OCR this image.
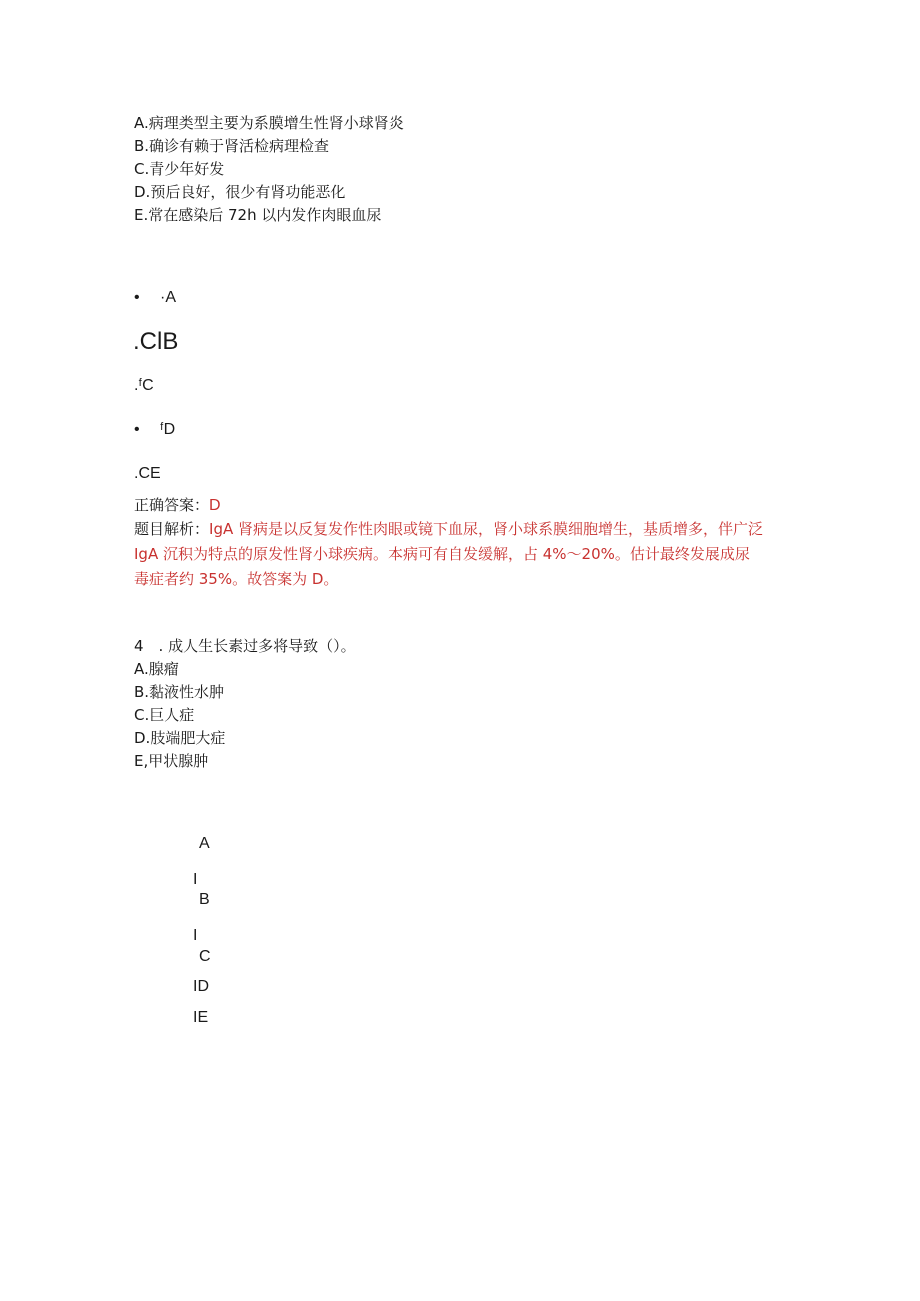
A.病理类型主要为系膜增生性肾小球肾炎
B.确诊有赖于肾活检病理检查
C.青少年好发
D.预后良好，很少有肾功能恶化
E.常在感染后 72h 以内发作肉眼血尿
• ·A
.ClB
.ᶠC
• ᶠD
.CE
正确答案：D
题目解析：IgA 肾病是以反复发作性肉眼或镜下血尿，肾小球系膜细胞增生，基质增多，伴广泛
IgA 沉积为特点的原发性肾小球疾病。本病可有自发缓解，占 4%～20%。估计最终发展成尿
毒症者约 35%。故答案为 D。
4　. 成人生长素过多将导致（）。
A.腺瘤
B.黏液性水肿
C.巨人症
D.肢端肥大症
E,甲状腺肿
A
I
B
I
C
ID
IE
